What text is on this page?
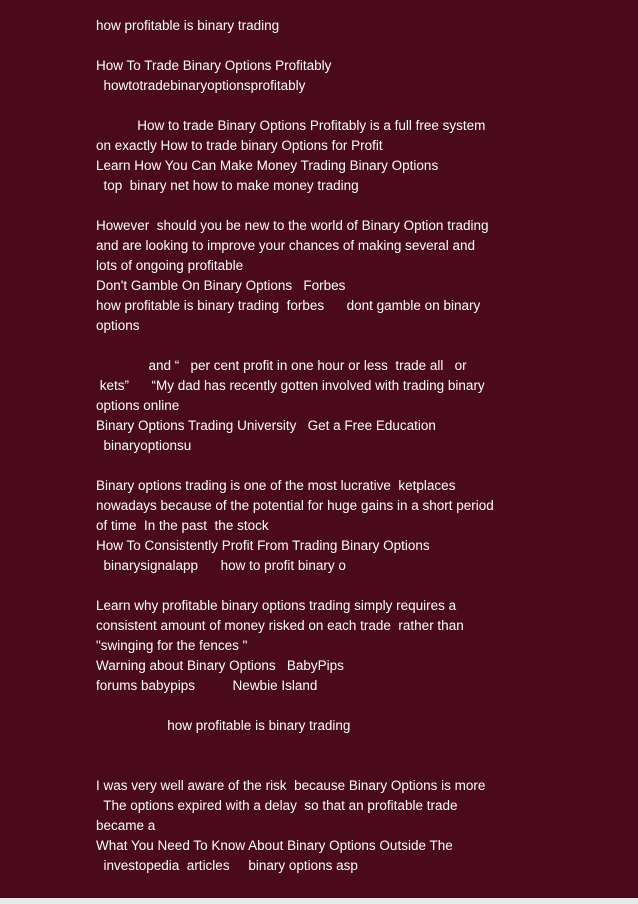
how profitable is binary trading
How To Trade Binary Options Profitably
howtotradebinaryoptionsprofitably
How to trade Binary Options Profitably is a full free system
on exactly How to trade binary Options for Profit
Learn How You Can Make Money Trading Binary Options
top  binary net how to make money trading
However  should you be new to the world of Binary Option trading
and are looking to improve your chances of making several and
lots of ongoing profitable
Don't Gamble On Binary Options   Forbes
how profitable is binary trading  forbes      dont gamble on binary
options
and “   per cent profit in one hour or less  trade all   or
kets”      “My dad has recently gotten involved with trading binary
options online
Binary Options Trading University   Get a Free Education
binaryoptionsu
Binary options trading is one of the most lucrative  ketplaces
nowadays because of the potential for huge gains in a short period
of time  In the past  the stock
How To Consistently Profit From Trading Binary Options
binarysignalapp      how to profit binary o
Learn why profitable binary options trading simply requires a
consistent amount of money risked on each trade  rather than
"swinging for the fences "
Warning about Binary Options   BabyPips
forums babypips          Newbie Island
how profitable is binary trading
I was very well aware of the risk  because Binary Options is more
The options expired with a delay  so that an profitable trade
became a
What You Need To Know About Binary Options Outside The
investopedia  articles     binary options asp
